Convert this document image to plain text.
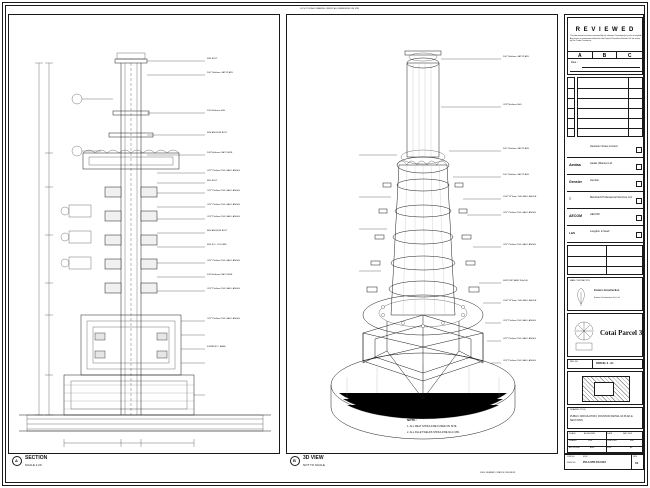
DO NOT SCALE DRAWING. VERIFY ALL DIMENSIONS ON SITE
M24 BOLT
240 *50x6mm CAP PLATE
150*50x6mm SHS
M24 ANCHOR BOLT
240*50x6mm CAP PLATE
CFP*75x6mm THK GALV. ANGLE
M20 BOLT
CFP*75x6mm THK GALV. ANGLE
CFP*75x6mm THK GALV. ANGLE
CFP*75x6mm THK GALV. ANGLE
M20 ANCHOR BOLT
M16 R.C. COLUMN
CFP*75x6mm THK GALV. ANGLE
240*50x6mm CAP PLATE
CFP*75x6mm THK GALV. ANGLE
CFP*75x6mm THK GALV. ANGLE
420MM R.C. BASE
A SECTION
SCALE 1:20
240 *50x6mm CAP PLATE
CFP*50x6mm SHS
240 *50x6mm CAP PLATE
240 *50x6mm CAP PLATE
L200*75*6mm THK GALV. ANGLE
CFP*75x6mm THK GALV. ANGLE
CFP*75x6mm THK GALV. ANGLE
SUPPORT ARM 150x100
L200*75*6mm THK GALV. ANGLE
CFP*75x6mm THK GALV. ANGLE
CFP*75x6mm THK GALV. ANGLE
CFP*75x6mm THK GALV. ANGLE
NOTE :
1. ALL WELT SHOULD BE FUSED ON SITE.
2. ALL FILLET WELDS SHOULD BE 6mm MIN.
B 3D VIEW
NOT TO SCALE
R E V I E W E D
This document has been reviewed by the relevant Consultant(s) and is accepted. Any errors or omissions referred to the Project Procedure Section 5.4 for action by the Trade Contractor.
A	B	C
Date :
Hewitson Street Limited
Aedas	Aedas (Macau) Ltd.
Gensler	Gensler
≡	Meinhardt Professional Services Ltd.
AECOM	AECOM
L&S	Langdon & Seah
MAIN CONTRACTOR
Fosters Construction
Fosters Construction Co. Ltd.
Cotai Parcel 3
REF. NO.	PARCEL 3 - A1
DRAWING TITLE
PUBLIC CIRCULATION, FOUNTAIN DETAIL 04 PLAN & SECTIONS
SCALE	AS SHOWN	DATE	SEP 2009
DRAWN	CHK	CHECKED	MJK
APPROVED	ANG	SIZE	A1
JOB NO.	0902
DWG NO.	PCL3-STR-FD-0104
REV.
01
DWG. NUMBER / STATUS / REVISION
